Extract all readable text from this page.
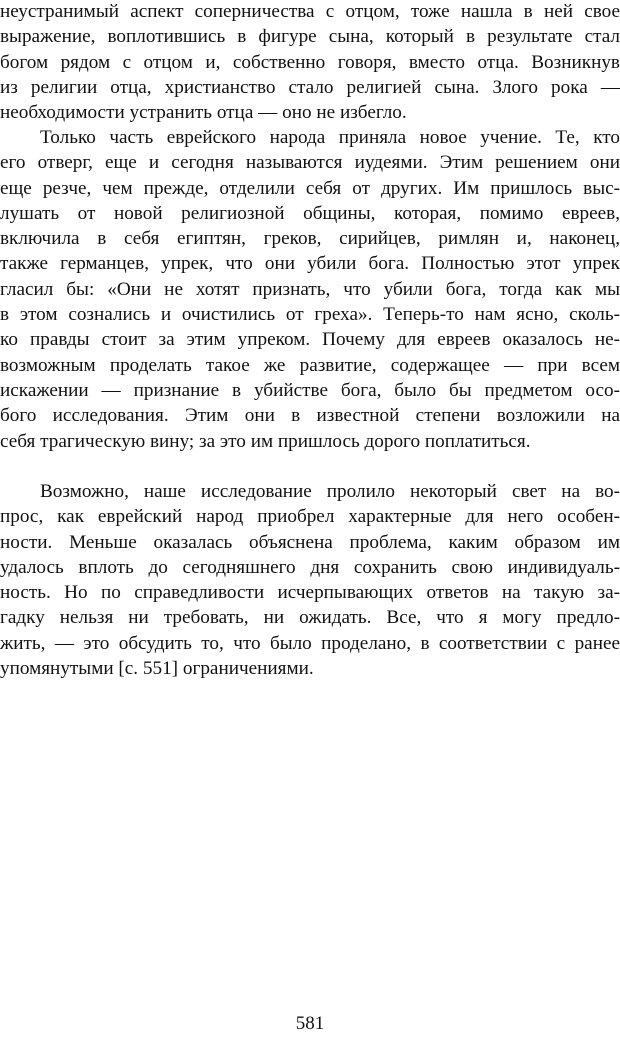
неустранимый аспект соперничества с отцом, тоже нашла в ней свое
выражение, воплотившись в фигуре сына, который в результате стал
богом рядом с отцом и, собственно говоря, вместо отца. Возникнув
из религии отца, христианство стало религией сына. Злого рока —
необходимости устранить отца — оно не избегло.
Только часть еврейского народа приняла новое учение. Те, кто
его отверг, еще и сегодня называются иудеями. Этим решением они
еще резче, чем прежде, отделили себя от других. Им пришлось выс-
лушать от новой религиозной общины, которая, помимо евреев,
включила в себя египтян, греков, сирийцев, римлян и, наконец,
также германцев, упрек, что они убили бога. Полностью этот упрек
гласил бы: «Они не хотят признать, что убили бога, тогда как мы
в этом сознались и очистились от греха». Теперь-то нам ясно, сколь-
ко правды стоит за этим упреком. Почему для евреев оказалось не-
возможным проделать такое же развитие, содержащее — при всем
искажении — признание в убийстве бога, было бы предметом осо-
бого исследования. Этим они в известной степени возложили на
себя трагическую вину; за это им пришлось дорого поплатиться.
Возможно, наше исследование пролило некоторый свет на во-
прос, как еврейский народ приобрел характерные для него особен-
ности. Меньше оказалась объяснена проблема, каким образом им
удалось вплоть до сегодняшнего дня сохранить свою индивидуаль-
ность. Но по справедливости исчерпывающих ответов на такую за-
гадку нельзя ни требовать, ни ожидать. Все, что я могу предло-
жить, — это обсудить то, что было проделано, в соответствии с ранее
упомянутыми [с. 551] ограничениями.
581
